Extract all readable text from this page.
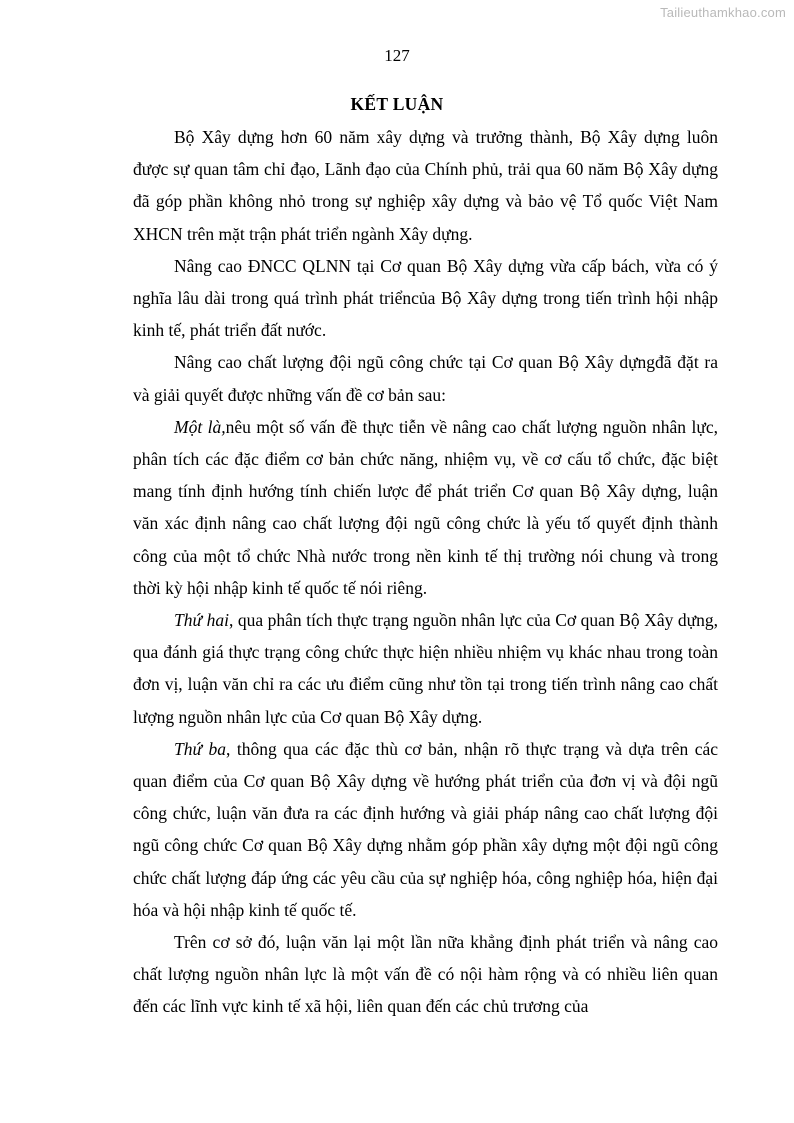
Tailieuthamkhao.com
127
KẾT LUẬN

Bộ Xây dựng hơn 60 năm xây dựng và trưởng thành, Bộ Xây dựng luôn được sự quan tâm chỉ đạo, Lãnh đạo của Chính phủ, trải qua 60 năm Bộ Xây dựng đã góp phần không nhỏ trong sự nghiệp xây dựng và bảo vệ Tổ quốc Việt Nam XHCN trên mặt trận phát triển ngành Xây dựng.

Nâng cao ĐNCC QLNN tại Cơ quan Bộ Xây dựng vừa cấp bách, vừa có ý nghĩa lâu dài trong quá trình phát triểncủa Bộ Xây dựng trong tiến trình hội nhập kinh tế, phát triển đất nước.

Nâng cao chất lượng đội ngũ công chức tại Cơ quan Bộ Xây dựngđã đặt ra và giải quyết được những vấn đề cơ bản sau:

Một là,nêu một số vấn đề thực tiễn về nâng cao chất lượng nguồn nhân lực, phân tích các đặc điểm cơ bản chức năng, nhiệm vụ, về cơ cấu tổ chức, đặc biệt mang tính định hướng tính chiến lược để phát triển Cơ quan Bộ Xây dựng, luận văn xác định nâng cao chất lượng đội ngũ công chức là yếu tố quyết định thành công của một tổ chức Nhà nước trong nền kinh tế thị trường nói chung và trong thời kỳ hội nhập kinh tế quốc tế nói riêng.

Thứ hai, qua phân tích thực trạng nguồn nhân lực của Cơ quan Bộ Xây dựng, qua đánh giá thực trạng công chức thực hiện nhiều nhiệm vụ khác nhau trong toàn đơn vị, luận văn chỉ ra các ưu điểm cũng như tồn tại trong tiến trình nâng cao chất lượng nguồn nhân lực của Cơ quan Bộ Xây dựng.

Thứ ba, thông qua các đặc thù cơ bản, nhận rõ thực trạng và dựa trên các quan điểm của Cơ quan Bộ Xây dựng về hướng phát triển của đơn vị và đội ngũ công chức, luận văn đưa ra các định hướng và giải pháp nâng cao chất lượng đội ngũ công chức Cơ quan Bộ Xây dựng nhằm góp phần xây dựng một đội ngũ công chức chất lượng đáp ứng các yêu cầu của sự nghiệp hóa, công nghiệp hóa, hiện đại hóa và hội nhập kinh tế quốc tế.

Trên cơ sở đó, luận văn lại một lần nữa khẳng định phát triển và nâng cao chất lượng nguồn nhân lực là một vấn đề có nội hàm rộng và có nhiều liên quan đến các lĩnh vực kinh tế xã hội, liên quan đến các chủ trương của
